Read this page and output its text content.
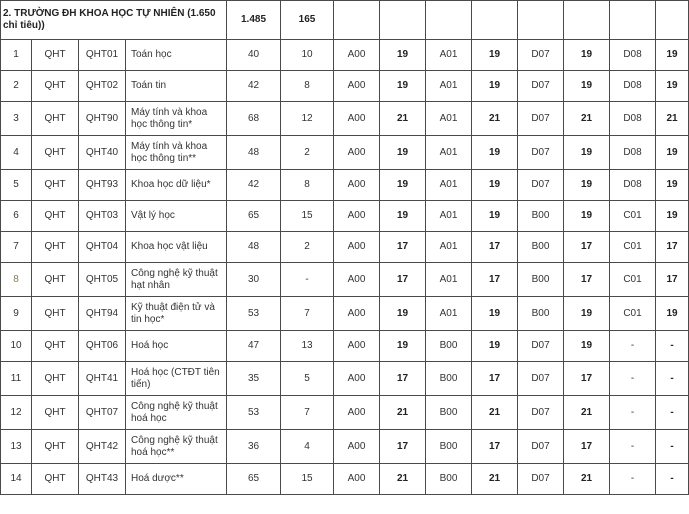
2. TRƯỜNG ĐH KHOA HỌC TỰ NHIÊN (1.650 chỉ tiêu))				1.485	165								
1	QHT	QHT01	Toán học	40	10	A00	19	A01	19	D07	19	D08	19
2	QHT	QHT02	Toán tin	42	8	A00	19	A01	19	D07	19	D08	19
3	QHT	QHT90	Máy tính và khoa học thông tin*	68	12	A00	21	A01	21	D07	21	D08	21
4	QHT	QHT40	Máy tính và khoa học thông tin**	48	2	A00	19	A01	19	D07	19	D08	19
5	QHT	QHT93	Khoa học dữ liệu*	42	8	A00	19	A01	19	D07	19	D08	19
6	QHT	QHT03	Vật lý học	65	15	A00	19	A01	19	B00	19	C01	19
7	QHT	QHT04	Khoa học vật liệu	48	2	A00	17	A01	17	B00	17	C01	17
8	QHT	QHT05	Công nghệ kỹ thuật hạt nhân	30	-	A00	17	A01	17	B00	17	C01	17
9	QHT	QHT94	Kỹ thuật điện tử và tin học*	53	7	A00	19	A01	19	B00	19	C01	19
10	QHT	QHT06	Hoá học	47	13	A00	19	B00	19	D07	19	-	-
11	QHT	QHT41	Hoá học (CTĐT tiên tiến)	35	5	A00	17	B00	17	D07	17	-	-
12	QHT	QHT07	Công nghệ kỹ thuật hoá học	53	7	A00	21	B00	21	D07	21	-	-
13	QHT	QHT42	Công nghệ kỹ thuật hoá học**	36	4	A00	17	B00	17	D07	17	-	-
14	QHT	QHT43	Hoá dược**	65	15	A00	21	B00	21	D07	21	-	-
